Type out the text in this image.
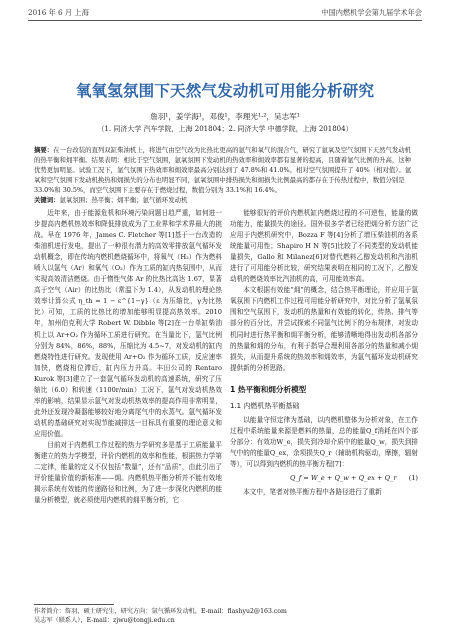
2016 年 6 月 上海	中国内燃机学会第九届学术年会
氧氧氢氛围下天然气发动机可用能分析研究
詹羽¹，姜学海¹，邓俊¹，李理光¹·²，吴志军¹
（1. 同济大学 汽车学院，上海 201804；2. 同济大学 中德学院，上海 201804）
摘要：在一台改装的直列双缸柴油机上，将进气由空气改为比热比更高的氩气和氧气的混合气，研究了氩氧及空气氛围下天然气发动机的热平衡和㶲平衡。结果表明：相比于空气氛围，氩氧氛围下发动机的热效率和㶲效率都有显著的提高，且随着氩气比例的升高，这种优势更加明显。试验工况下，氩气氛围下热效率和㶲效率最高分别达到了 47.8%和 41.0%。相对空气氛围提升了 40%（相对值）。氩氧和空气氛围下发动机换热和㶲损失的分布也明显不同，氩氧氛围中排热损失和㶲损失比例最高的都存在于传热过程中，数值分别是 33.0%和 30.5%，而空气氛围下主要存在于燃烧过程，数值分别为 33.1%和 16.4%。
关键词：氩氧氛围；热平衡；㶲平衡；氩气循环发动机

近年来，由于能源危机和环境污染问题日趋严重，如何进一步提高内燃机热效率和降低排放成为了工业界和学术界最大的挑战。早在 1976 年，James C. Fletcher 等[1]基于一台改造的柴油机进行发电，提出了一种很有潜力的高效零排放氩气循环发动机概念，即在传统内燃机燃烧循环中，将氧气（H₂）作为燃料喷入以氩气（Ar）和氧气（O₂）作为工质的缸内热氛围中，从而实现高效清洁燃烧。由于惰性气体 Ar 的比热比高达 1.67，显著高于空气（Air）的比热比（常温下为 1.4），从发动机的理论热效率计算公式 η_th = 1 − ε^{1−γ}（ε 为压缩比，γ为比热比）可知，工质的比热比的增加能够明显提高热效率。2010 年，加州伯克利大学 Robert W. Dibble 等[2]在一台单缸柴油机上以 Ar+O₂ 作为循环工质进行研究。在当量比下，氩气比例分别为 84%，86%，88%，压缩比为 4.5~7，对发动机的缸内燃烧特性进行研究。发现使用 Ar+O₂ 作为循环工质，反应速率加快，燃烧相位滞后，缸内压力升高。丰田公司的 Rentaro Kurok 等[3]建立了一套氩气循环发动机的高速系统，研究了压缩比（6.0）和转速（1100r/min）工况下，氩气对发动机热效率的影响，结果显示氩气对发动机热效率的提高作用非常明显，此外还发现冷凝器能够较好地分离尾气中的水蒸气。氩气循环发动机的基础研究对实现节能减排这一目标具有重要的理论意义和应用价值。

目前对于内燃机工作过程的热力学研究多是基于工质能量平衡建立的热力学模型，评价内燃机的效率和性能，根据热力学第二定律，能量的定义不仅包括“数量”，还有“品质”，由此引出了评价能量价值的新标准——㶲。内燃机热平衡分析并不能有效地揭示系统有效能的传递路径和比例，为了进一步深化内燃机的能量分析模型，就必须使用内燃机的㶲平衡分析，它

能够很好的评价内燃机缸内燃烧过程的不可逆性，能量的做功能力，能量损失的途径。国外很多学者已经把㶲分析方法广泛应用于内燃机研究中，Bozza F 等[4]分析了增压柴油机的各系统能量可用性；Shapiro H N 等[5]比较了不同类型的发动机能量损失，Gallo 和 Milanez[6]对替代燃料乙醇发动机和汽油机进行了可用能分析比较，研究结果表明在相同的工况下，乙醇发动机的燃烧效率比汽油机的高，可用能效率高。

本文根据有效能“㶲”的概念，结合热平衡理论，并应用于氩氧氛围下内燃机工作过程可用能分析研究中，对比分析了氩氧氛围和空气氛围下，发动机的热量和有效能的转化，传热、排气等部分的百分比，并尝试探索不同氩气比例下的分布规律，对发动机同时进行热平衡和㶲平衡分析，能够清晰地得出发动机各部分的热量和㶲的分布，有利于指导合理利用各部分的热量和减小㶲损失，从而提升系统的热效率和㶲效率，为氩气循环发动机研究提供新的分析思路。

1 热平衡和㶲分析模型
1.1 内燃机热平衡基础

以能量守恒定律为基础，以内燃机整体为分析对象，在工作过程中系统能量来源是燃料的热量，总的能量Q_f消耗在四个部分部分：有效功W_e，损失到冷却介质中的能量Q_w，损失到排气中的的能量Q_ex，余项损失Q_r（辅助机构驱动，摩擦，辐射等），可以得到内燃机的热平衡方程[7]：

Q_f = W_e + Q_w + Q_ex + Q_r (1)

本文中，笔者对热平衡方程中各路径进行了重新

作者简介：詹羽，硕士研究生，研究方向：氩气循环发动机，E-mail：flashyu2@163.com
吴志军（联系人），E-mail：zjwu@tongji.edu.cn
